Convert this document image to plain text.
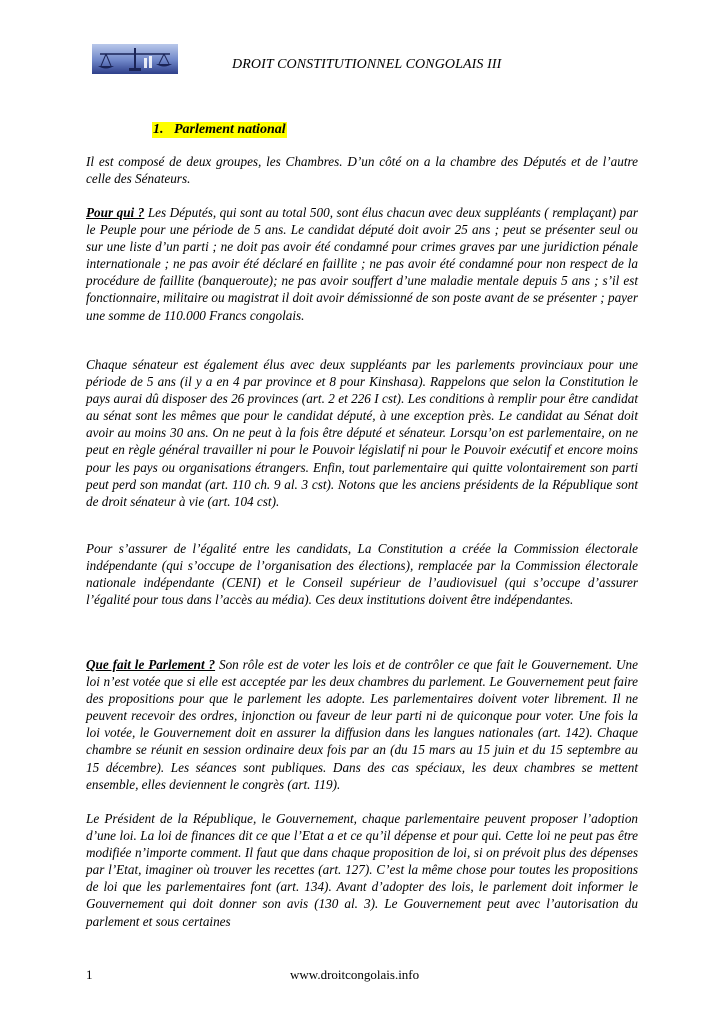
DROIT CONSTITUTIONNEL CONGOLAIS III
1. Parlement national

Il est composé de deux groupes, les Chambres. D’un côté on a la chambre des Députés et de l’autre celle des Sénateurs.

Pour qui ? Les Députés, qui sont au total 500, sont élus chacun avec deux suppléants ( remplaçant) par le Peuple pour une période de 5 ans. Le candidat député doit avoir 25 ans ; peut se présenter seul ou sur une liste d’un parti ; ne doit pas avoir été condamné pour crimes graves par une juridiction pénale internationale ; ne pas avoir été déclaré en faillite ; ne pas avoir été condamné pour non respect de la procédure de faillite (banqueroute); ne pas avoir souffert d’une maladie mentale depuis 5 ans ; s’il est fonctionnaire, militaire ou magistrat il doit avoir démissionné de son poste avant de se présenter ; payer une somme de 110.000 Francs congolais.

Chaque sénateur est également élus avec deux suppléants par les parlements provinciaux pour une période de 5 ans (il y a en 4 par province et 8 pour Kinshasa). Rappelons que selon la Constitution le pays aurai dû disposer des 26 provinces (art. 2 et 226 I cst). Les conditions à remplir pour être candidat au sénat sont les mêmes que pour le candidat député, à une exception près. Le candidat au Sénat doit avoir au moins 30 ans. On ne peut à la fois être député et sénateur. Lorsqu’on est parlementaire, on ne peut en règle général travailler ni pour le Pouvoir législatif ni pour le Pouvoir exécutif et encore moins pour les pays ou organisations étrangers. Enfin, tout parlementaire qui quitte volontairement son parti peut perd son mandat (art. 110 ch. 9 al. 3 cst). Notons que les anciens présidents de la République sont de droit sénateur à vie (art. 104 cst).

Pour s’assurer de l’égalité entre les candidats, La Constitution a créée la Commission électorale indépendante (qui s’occupe de l’organisation des élections), remplacée par la Commission électorale nationale indépendante (CENI) et le Conseil supérieur de l’audiovisuel (qui s’occupe d’assurer l’égalité pour tous dans l’accès au média). Ces deux institutions doivent être indépendantes.

Que fait le Parlement ? Son rôle est de voter les lois et de contrôler ce que fait le Gouvernement. Une loi n’est votée que si elle est acceptée par les deux chambres du parlement. Le Gouvernement peut faire des propositions pour que le parlement les adopte. Les parlementaires doivent voter librement. Il ne peuvent recevoir des ordres, injonction ou faveur de leur parti ni de quiconque pour voter. Une fois la loi votée, le Gouvernement doit en assurer la diffusion dans les langues nationales (art. 142). Chaque chambre se réunit en session ordinaire deux fois par an (du 15 mars au 15 juin et du 15 septembre au 15 décembre). Les séances sont publiques. Dans des cas spéciaux, les deux chambres se mettent ensemble, elles deviennent le congrès (art. 119).

Le Président de la République, le Gouvernement, chaque parlementaire peuvent proposer l’adoption d’une loi. La loi de finances dit ce que l’Etat a et ce qu’il dépense et pour qui. Cette loi ne peut pas être modifiée n’importe comment. Il faut que dans chaque proposition de loi, si on prévoit plus des dépenses par l’Etat, imaginer où trouver les recettes (art. 127). C’est la même chose pour toutes les propositions de loi que les parlementaires font (art. 134). Avant d’adopter des lois, le parlement doit informer le Gouvernement qui doit donner son avis (130 al. 3). Le Gouvernement peut avec l’autorisation du parlement et sous certaines

1	www.droitcongolais.info
